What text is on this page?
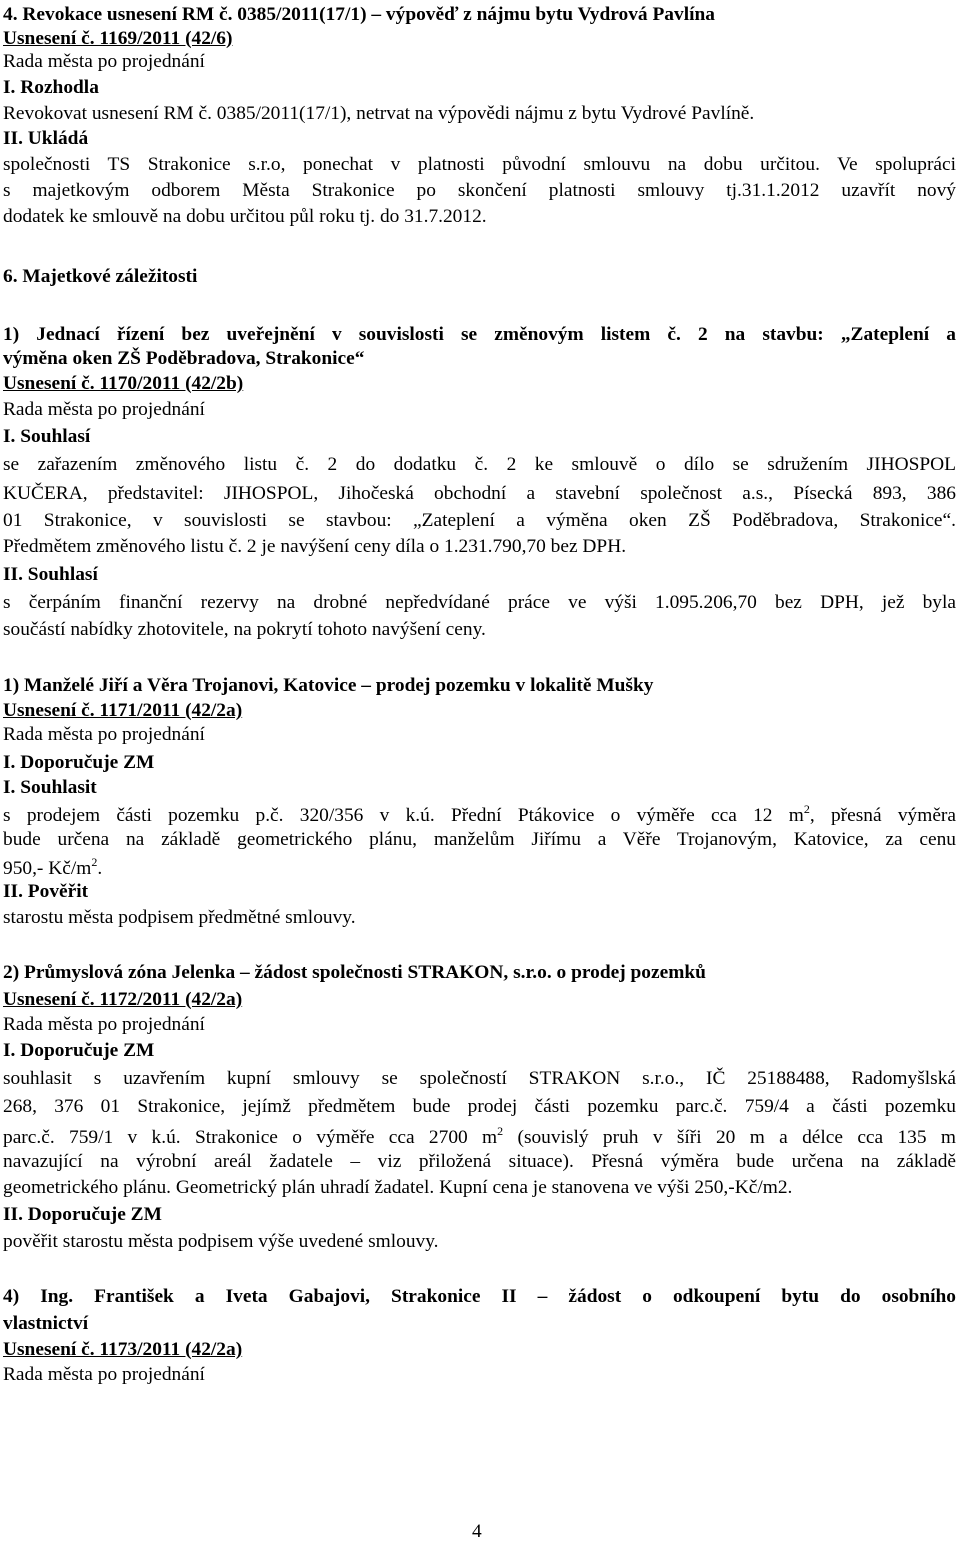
4. Revokace usnesení RM č. 0385/2011(17/1) – výpověď z nájmu bytu Vydrová Pavlína
Usnesení č. 1169/2011 (42/6)
Rada města po projednání
I. Rozhodla
Revokovat usnesení RM č. 0385/2011(17/1), netrvat na výpovědi nájmu z bytu Vydrové Pavlíně.
II. Ukládá
společnosti TS Strakonice s.r.o, ponechat v platnosti původní smlouvu na dobu určitou. Ve spolupráci
s majetkovým odborem Města Strakonice po skončení platnosti smlouvy tj.31.1.2012 uzavřít nový
dodatek ke smlouvě na dobu určitou půl roku tj. do 31.7.2012.
6. Majetkové záležitosti
1) Jednací řízení bez uveřejnění v souvislosti se změnovým listem č. 2 na stavbu: „Zateplení a
výměna oken ZŠ Poděbradova, Strakonice“
Usnesení č. 1170/2011 (42/2b)
Rada města po projednání
I. Souhlasí
se zařazením změnového listu č. 2 do dodatku č. 2 ke smlouvě o dílo se sdružením JIHOSPOL
KUČERA, představitel: JIHOSPOL, Jihočeská obchodní a stavební společnost a.s., Písecká 893, 386
01 Strakonice, v souvislosti se stavbou: „Zateplení a výměna oken ZŠ Poděbradova, Strakonice“.
Předmětem změnového listu č. 2 je navýšení ceny díla o 1.231.790,70 bez DPH.
II. Souhlasí
s čerpáním finanční rezervy na drobné nepředvídané práce ve výši 1.095.206,70 bez DPH, jež byla
součástí nabídky zhotovitele, na pokrytí tohoto navýšení ceny.
1) Manželé Jiří a Věra Trojanovi, Katovice – prodej pozemku v lokalitě Mušky
Usnesení č. 1171/2011 (42/2a)
Rada města po projednání
I. Doporučuje ZM
I. Souhlasit
s prodejem části pozemku p.č. 320/356 v k.ú. Přední Ptákovice o výměře cca 12 $m^2$, přesná výměra
bude určena na základě geometrického plánu, manželům Jiřímu a Věře Trojanovým, Katovice, za cenu
950,- $Kč/m^2$.
II. Pověřit
starostu města podpisem předmětné smlouvy.
2) Průmyslová zóna Jelenka – žádost společnosti STRAKON, s.r.o. o prodej pozemků
Usnesení č. 1172/2011 (42/2a)
Rada města po projednání
I. Doporučuje ZM
souhlasit s uzavřením kupní smlouvy se společností STRAKON s.r.o., IČ 25188488, Radomyšlská
268, 376 01 Strakonice, jejímž předmětem bude prodej části pozemku parc.č. 759/4 a části pozemku
parc.č. 759/1 v k.ú. Strakonice o výměře cca 2700 $m^2$ (souvislý pruh v šíři 20 m a délce cca 135 m
navazující na výrobní areál žadatele – viz přiložená situace). Přesná výměra bude určena na základě
geometrického plánu. Geometrický plán uhradí žadatel. Kupní cena je stanovena ve výši 250,-Kč/m2.
II. Doporučuje ZM
pověřit starostu města podpisem výše uvedené smlouvy.
4) Ing. František a Iveta Gabajovi, Strakonice II – žádost o odkoupení bytu do osobního
vlastnictví
Usnesení č. 1173/2011 (42/2a)
Rada města po projednání
4
